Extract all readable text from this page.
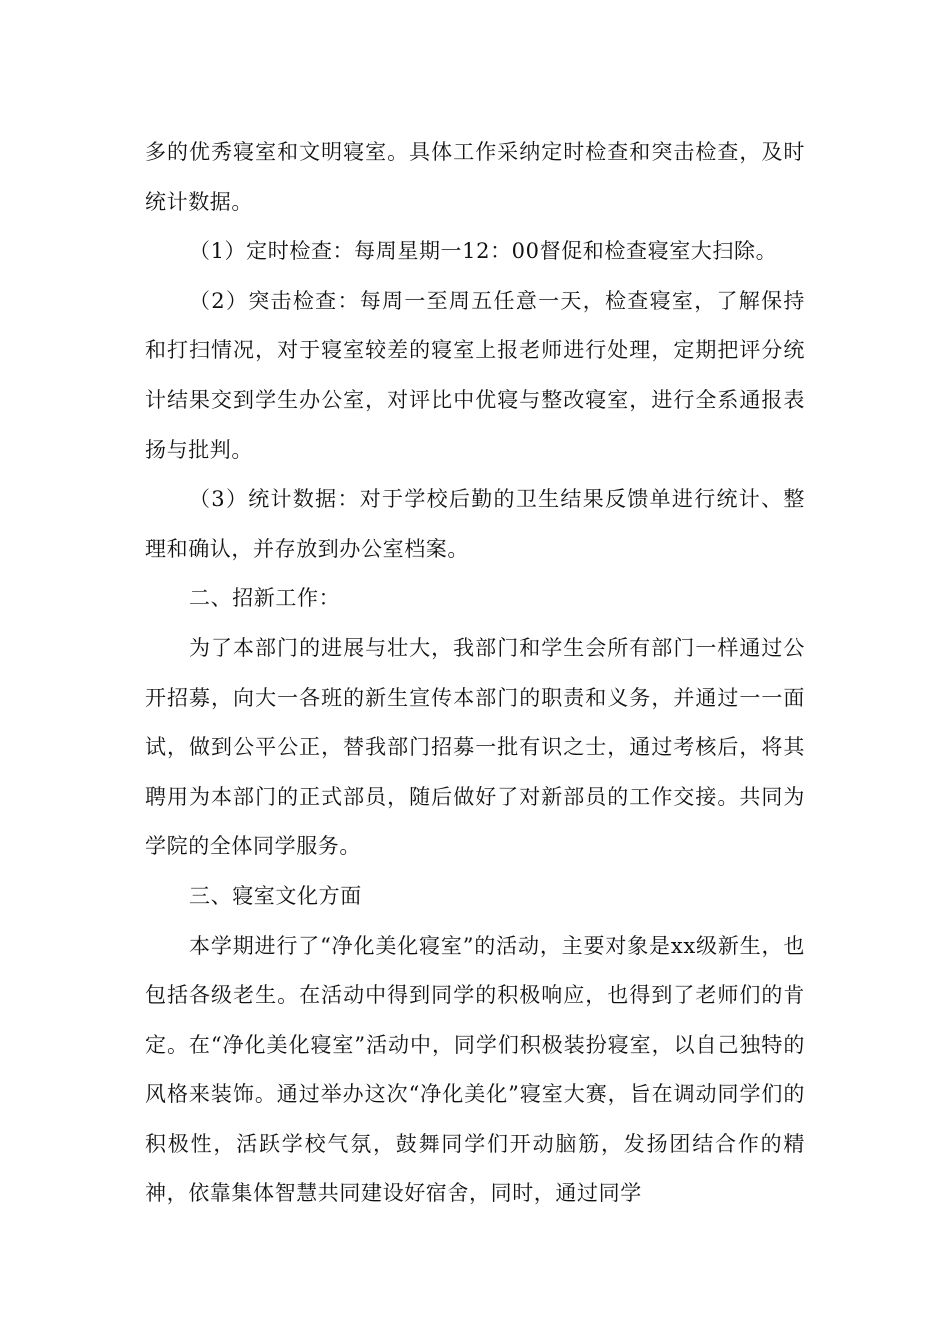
多的优秀寝室和文明寝室。具体工作采纳定时检查和突击检查，及时统计数据。

（1）定时检查：每周星期一12：00督促和检查寝室大扫除。

（2）突击检查：每周一至周五任意一天，检查寝室，了解保持和打扫情况，对于寝室较差的寝室上报老师进行处理，定期把评分统计结果交到学生办公室，对评比中优寝与整改寝室，进行全系通报表扬与批判。

（3）统计数据：对于学校后勤的卫生结果反馈单进行统计、整理和确认，并存放到办公室档案。

二、招新工作：

为了本部门的进展与壮大，我部门和学生会所有部门一样通过公开招募，向大一各班的新生宣传本部门的职责和义务，并通过一一面试，做到公平公正，替我部门招募一批有识之士，通过考核后，将其聘用为本部门的正式部员，随后做好了对新部员的工作交接。共同为学院的全体同学服务。

三、寝室文化方面

本学期进行了“净化美化寝室”的活动，主要对象是xx级新生，也包括各级老生。在活动中得到同学的积极响应，也得到了老师们的肯定。在“净化美化寝室”活动中，同学们积极装扮寝室，以自己独特的风格来装饰。通过举办这次“净化美化”寝室大赛，旨在调动同学们的积极性，活跃学校气氛，鼓舞同学们开动脑筋，发扬团结合作的精神，依靠集体智慧共同建设好宿舍，同时，通过同学
